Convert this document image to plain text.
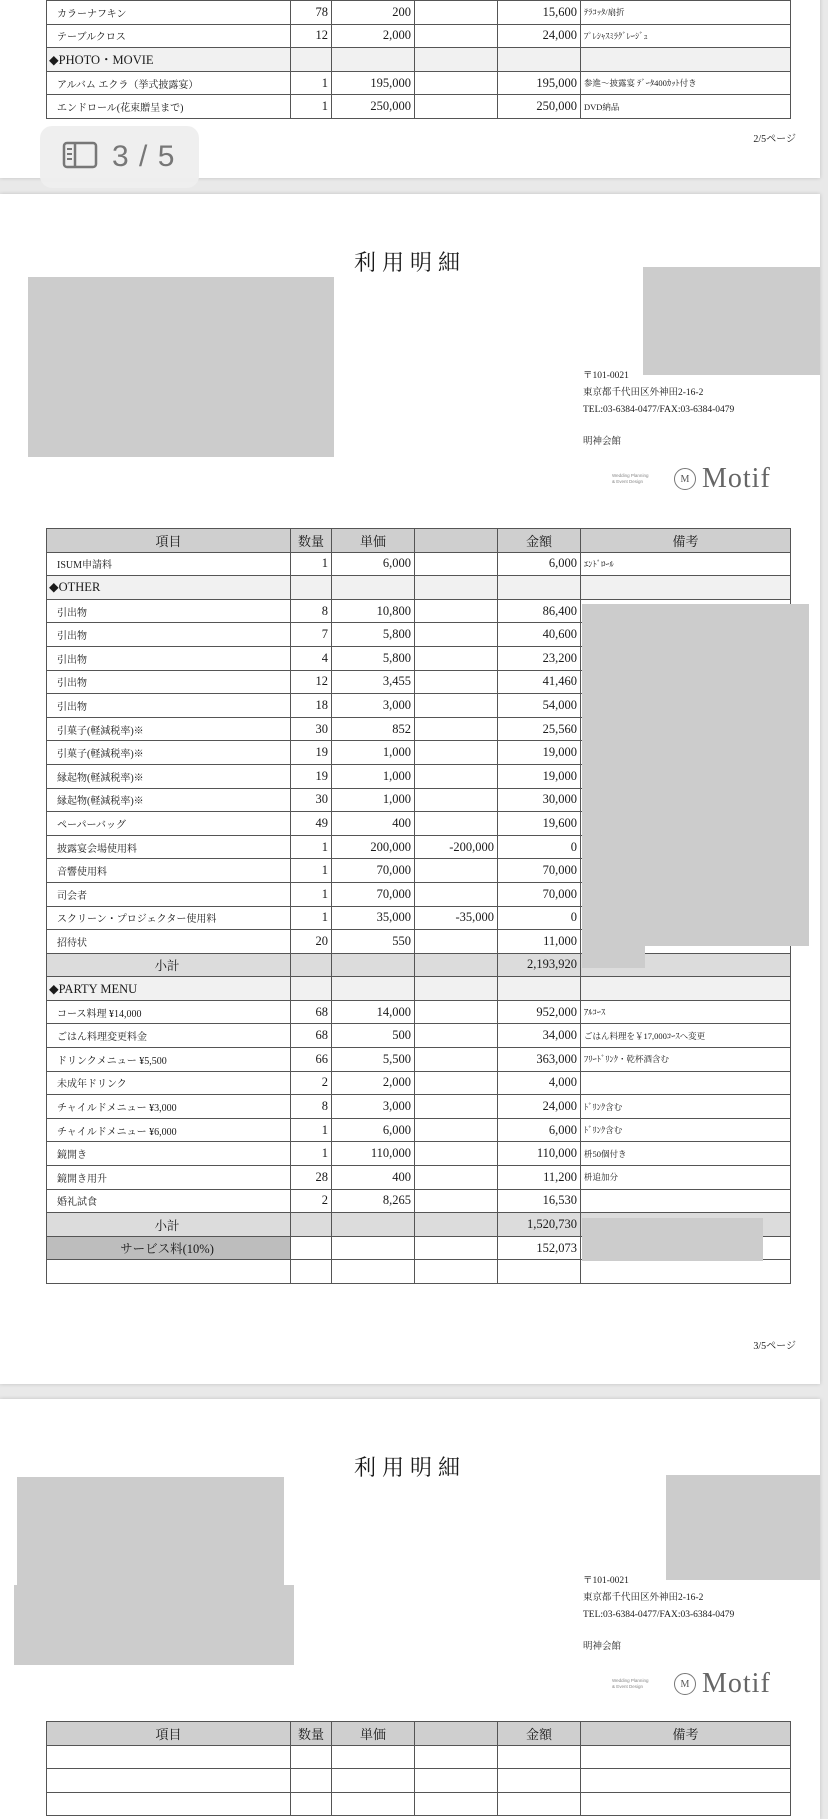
カラーナフキン	78	200		15,600	ﾃﾗｺｯﾀ/扇折
テーブルクロス	12	2,000		24,000	ﾌﾟﾚｼｬｽﾐﾗｸﾞﾚｰｼﾞｭ
◆PHOTO・MOVIE					
アルバム エクラ（挙式披露宴）	1	195,000		195,000	参進～披露宴 ﾃﾞｰﾀ400ｶｯﾄ付き
エンドロール(花束贈呈まで)	1	250,000		250,000	DVD納品
2/5ページ
利用明細
〒101-0021
東京都千代田区外神田2-16-2
TEL:03-6384-0477/FAX:03-6384-0479
明神会館
Wedding Planning
& Event Design	M Motif
項目	数量	単価		金額	備考
ISUM申請料	1	6,000		6,000	ｴﾝﾄﾞﾛｰﾙ
◆OTHER					
引出物	8	10,800		86,400	
引出物	7	5,800		40,600	
引出物	4	5,800		23,200	
引出物	12	3,455		41,460	
引出物	18	3,000		54,000	
引菓子(軽減税率)※	30	852		25,560	
引菓子(軽減税率)※	19	1,000		19,000	
縁起物(軽減税率)※	19	1,000		19,000	
縁起物(軽減税率)※	30	1,000		30,000	
ペーパーバッグ	49	400		19,600	
披露宴会場使用料	1	200,000	-200,000	0	
音響使用料	1	70,000		70,000	
司会者	1	70,000		70,000	
スクリーン・プロジェクター使用料	1	35,000	-35,000	0	
招待状	20	550		11,000	
小計				2,193,920	
◆PARTY MENU					
コース料理 ¥14,000	68	14,000		952,000	ｱﾙｺｰｽ
ごはん料理変更料金	68	500		34,000	ごはん料理を￥17,000ｺｰｽへ変更
ドリンクメニュー ¥5,500	66	5,500		363,000	ﾌﾘｰﾄﾞﾘﾝｸ・乾杯酒含む
未成年ドリンク	2	2,000		4,000	
チャイルドメニュー ¥3,000	8	3,000		24,000	ﾄﾞﾘﾝｸ含む
チャイルドメニュー ¥6,000	1	6,000		6,000	ﾄﾞﾘﾝｸ含む
鏡開き	1	110,000		110,000	枡50個付き
鏡開き用升	28	400		11,200	枡追加分
婚礼試食	2	8,265		16,530	
小計				1,520,730	
サービス料(10%)				152,073	

3/5ページ
利用明細
〒101-0021
東京都千代田区外神田2-16-2
TEL:03-6384-0477/FAX:03-6384-0479
明神会館
Wedding Planning
& Event Design	M Motif
項目	数量	単価		金額	備考

3 / 5
